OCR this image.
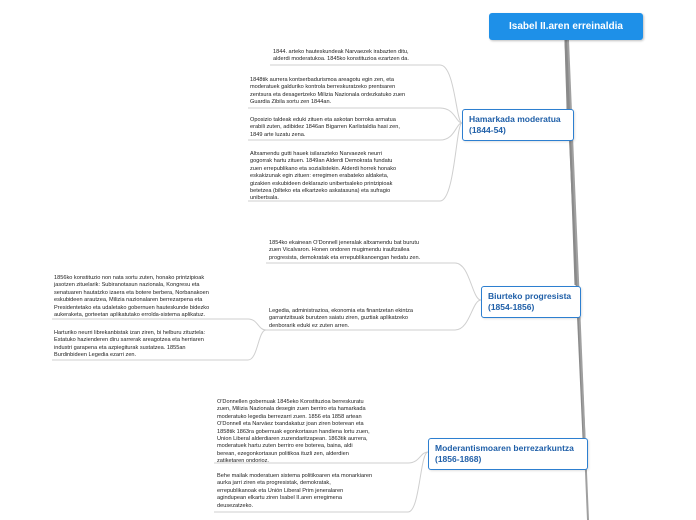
Isabel II.aren erreinaldia
Hamarkada moderatua
(1844-54)

1844. arteko hauteskundeak Narvaezek irabazten ditu,
alderdi moderatukoa. 1845ko konstituzioa ezartzen da.

1848tik aurrera kontserbadurismoa areagotu egin zen, eta
moderatuek galduriko kontrola berreskuratzeko prentsaren
zentsura eta desagertzeko Milizia Nazionala ordezkatuko zuen
Guardia Zibila sortu zen 1844an.

Oposizio taldeak eduki zituen eta askotan borroka armatua
erabili zuten, adibidez 1846an Bigarren Karlistaldia hasi zen,
1849 arte luzatu zena.

Altxamendu gutti hauek isilarazteko Narvaezek neurri
gogorrak hartu zituen. 1849an Alderdi Demokrata fundatu
zuen errepublikano eta sozialistekin. Alderdi horrek honako
eskakizunak egin zituen: erregimen erabateko aldaketa,
gizakien eskubideen deklarazio unibertsaleko printzipioak
betetzea (bilteko eta elkartzeko askatasuna) eta sufragio
unibertsala.

Biurteko progresista
(1854-1856)

1854ko ekainean O'Donnell jeneralak altxamendu bat burutu
zuen Vicalvaron. Honen ondoren mugimendu iraultzailea
progresista, demokratak eta errepublikanoengan hedatu zen.

Legedia, administrazioa, ekonomia eta finantzetan ekintza
garrantzitsuak burutzen saiatu ziren, guztiak aplikatzeko
denborarik eduki ez zuten arren.

1856ko konstituzio non nata sortu zuten, honako printzipioak
jasotzen zituelarik: Subiranotasun nazionala, Kongresu eta
senatuaren hautatzko izaera eta botere berbera, Norbanakoen
eskubideen arautzea, Milizia nazionalaren berrezarpena eta
Presidentetako eta udaletako gobernuen hauteskunde bidezko
aukeraketa, gorteetan aplikatutako errolda-sistema aplikatuz.

Harturiko neurri librekanbistak izan ziren, bi helburu zituztela:
Estatuko hazienderen diru sarrerak areagotzea eta herriaren
industri garapena eta azpiegiturak sustatzea. 1855an
Burdinbideen Legedia ezarri zen.

Moderantismoaren berrezarkuntza
(1856-1868)

O'Donnellen gobernuak 1845eko Konstituzioa berreskuratu
zuen, Milizia Nazionala desegin zuen berriro eta hamarkada
moderatuko legedia berrezarri zuen. 1856 eta 1858 artean
O'Donnell eta Narváez txandakatuz joan ziren boterean eta
1858tik 1863ra gobernuak egonkortasun handiena lortu zuen,
Union Liberal alderdiaren zuzendaritzapean. 1863tik aurrera,
moderatuek hartu zuten berriro ere boterea, baina, aldi
berean, ezegonkortasun politikoa ituzli zen, alderdien
zatiketaren ondorioz.

Behe mailak moderatuen sistema politikoaren eta monarkiaren
aurka jarri ziren eta progresistak, demokratak,
errepublikanoak eta Unión Liberal Prim jeneralaren
agindupean elkartu ziren Isabel II.aren erregimena
deusezatzeko.
